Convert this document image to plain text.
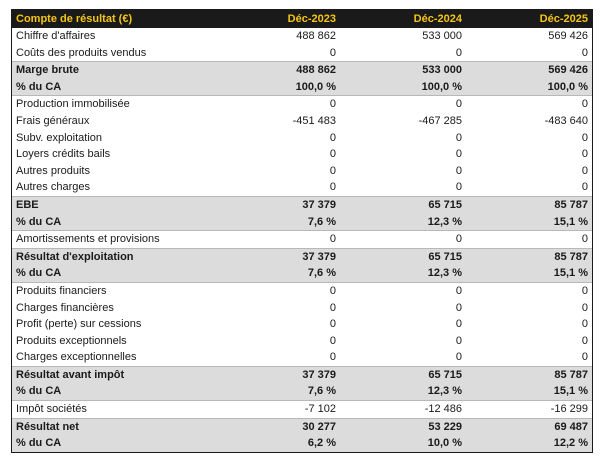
Compte de résultat (€)	Déc-2023	Déc-2024	Déc-2025
Chiffre d'affaires	488 862	533 000	569 426
Coûts des produits vendus	0	0	0
Marge brute	488 862	533 000	569 426
% du CA	100,0 %	100,0 %	100,0 %
Production immobilisée	0	0	0
Frais généraux	-451 483	-467 285	-483 640
Subv. exploitation	0	0	0
Loyers crédits bails	0	0	0
Autres produits	0	0	0
Autres charges	0	0	0
EBE	37 379	65 715	85 787
% du CA	7,6 %	12,3 %	15,1 %
Amortissements et provisions	0	0	0
Résultat d'exploitation	37 379	65 715	85 787
% du CA	7,6 %	12,3 %	15,1 %
Produits financiers	0	0	0
Charges financières	0	0	0
Profit (perte) sur cessions	0	0	0
Produits exceptionnels	0	0	0
Charges exceptionnelles	0	0	0
Résultat avant impôt	37 379	65 715	85 787
% du CA	7,6 %	12,3 %	15,1 %
Impôt sociétés	-7 102	-12 486	-16 299
Résultat net	30 277	53 229	69 487
% du CA	6,2 %	10,0 %	12,2 %
